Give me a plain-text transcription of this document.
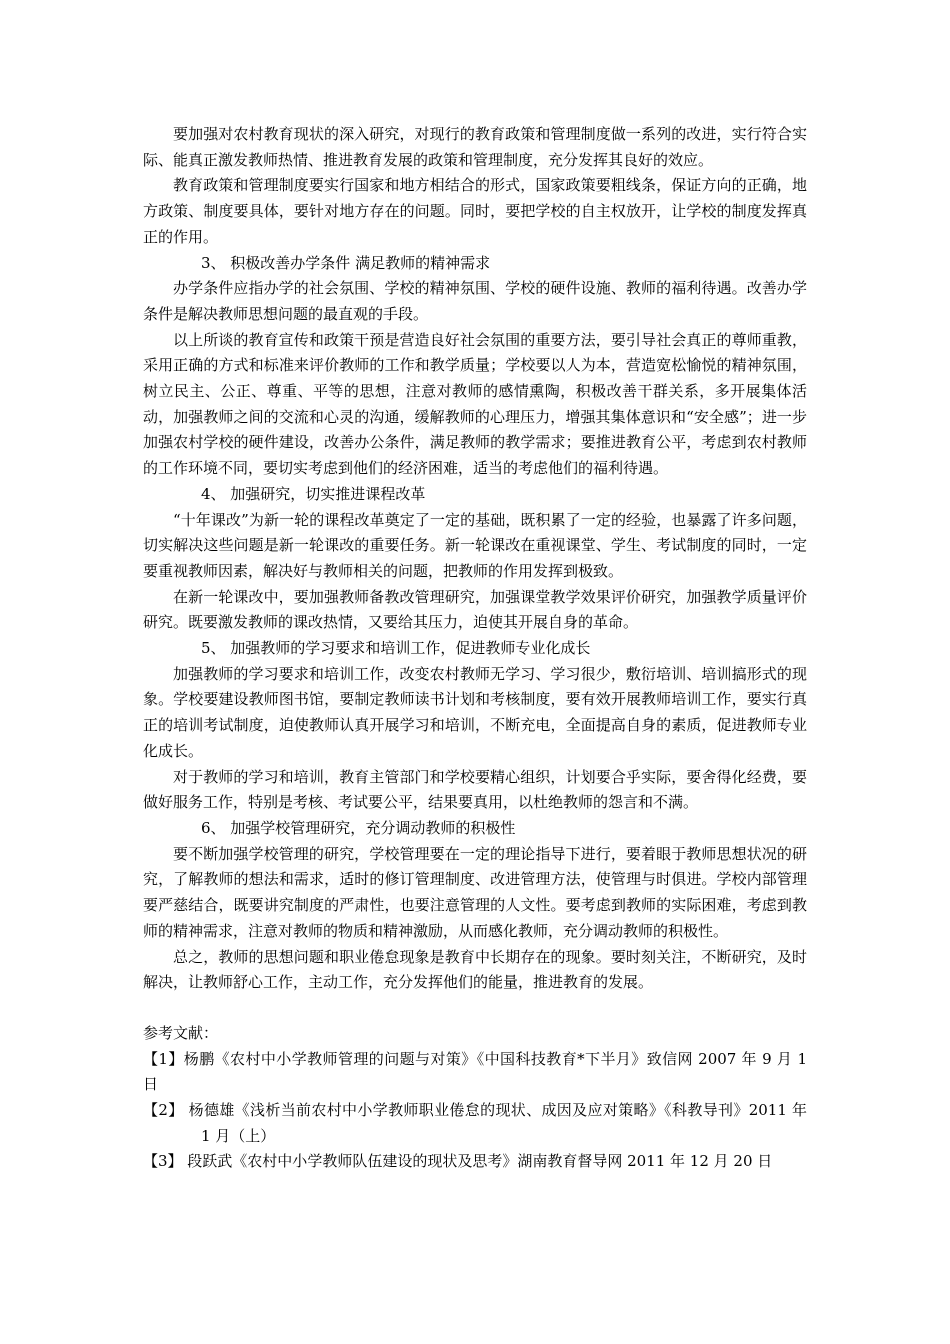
要加强对农村教育现状的深入研究，对现行的教育政策和管理制度做一系列的改进，实行符合实际、能真正激发教师热情、推进教育发展的政策和管理制度，充分发挥其良好的效应。

教育政策和管理制度要实行国家和地方相结合的形式，国家政策要粗线条，保证方向的正确，地方政策、制度要具体，要针对地方存在的问题。同时，要把学校的自主权放开，让学校的制度发挥真正的作用。

3、 积极改善办学条件 满足教师的精神需求

办学条件应指办学的社会氛围、学校的精神氛围、学校的硬件设施、教师的福利待遇。改善办学条件是解决教师思想问题的最直观的手段。

以上所谈的教育宣传和政策干预是营造良好社会氛围的重要方法，要引导社会真正的尊师重教，采用正确的方式和标准来评价教师的工作和教学质量；学校要以人为本，营造宽松愉悦的精神氛围，树立民主、公正、尊重、平等的思想，注意对教师的感情熏陶，积极改善干群关系，多开展集体活动，加强教师之间的交流和心灵的沟通，缓解教师的心理压力，增强其集体意识和“安全感”；进一步加强农村学校的硬件建设，改善办公条件，满足教师的教学需求；要推进教育公平，考虑到农村教师的工作环境不同，要切实考虑到他们的经济困难，适当的考虑他们的福利待遇。

4、 加强研究，切实推进课程改革

“十年课改”为新一轮的课程改革奠定了一定的基础，既积累了一定的经验，也暴露了许多问题，切实解决这些问题是新一轮课改的重要任务。新一轮课改在重视课堂、学生、考试制度的同时，一定要重视教师因素，解决好与教师相关的问题，把教师的作用发挥到极致。

在新一轮课改中，要加强教师备教改管理研究，加强课堂教学效果评价研究，加强教学质量评价研究。既要激发教师的课改热情，又要给其压力，迫使其开展自身的革命。

5、 加强教师的学习要求和培训工作，促进教师专业化成长

加强教师的学习要求和培训工作，改变农村教师无学习、学习很少，敷衍培训、培训搞形式的现象。学校要建设教师图书馆，要制定教师读书计划和考核制度，要有效开展教师培训工作，要实行真正的培训考试制度，迫使教师认真开展学习和培训，不断充电，全面提高自身的素质，促进教师专业化成长。

对于教师的学习和培训，教育主管部门和学校要精心组织，计划要合乎实际，要舍得化经费，要做好服务工作，特别是考核、考试要公平，结果要真用，以杜绝教师的怨言和不满。

6、 加强学校管理研究，充分调动教师的积极性

要不断加强学校管理的研究，学校管理要在一定的理论指导下进行，要着眼于教师思想状况的研究，了解教师的想法和需求，适时的修订管理制度、改进管理方法，使管理与时俱进。学校内部管理要严慈结合，既要讲究制度的严肃性，也要注意管理的人文性。要考虑到教师的实际困难，考虑到教师的精神需求，注意对教师的物质和精神激励，从而感化教师，充分调动教师的积极性。

总之，教师的思想问题和职业倦怠现象是教育中长期存在的现象。要时刻关注，不断研究，及时解决，让教师舒心工作，主动工作，充分发挥他们的能量，推进教育的发展。

参考文献：

【1】杨鹏《农村中小学教师管理的问题与对策》《中国科技教育*下半月》致信网 2007 年 9 月 1 日

【2】 杨德雄《浅析当前农村中小学教师职业倦怠的现状、成因及应对策略》《科教导刊》2011 年 1 月（上）

【3】 段跃武《农村中小学教师队伍建设的现状及思考》湖南教育督导网 2011 年 12 月 20 日
